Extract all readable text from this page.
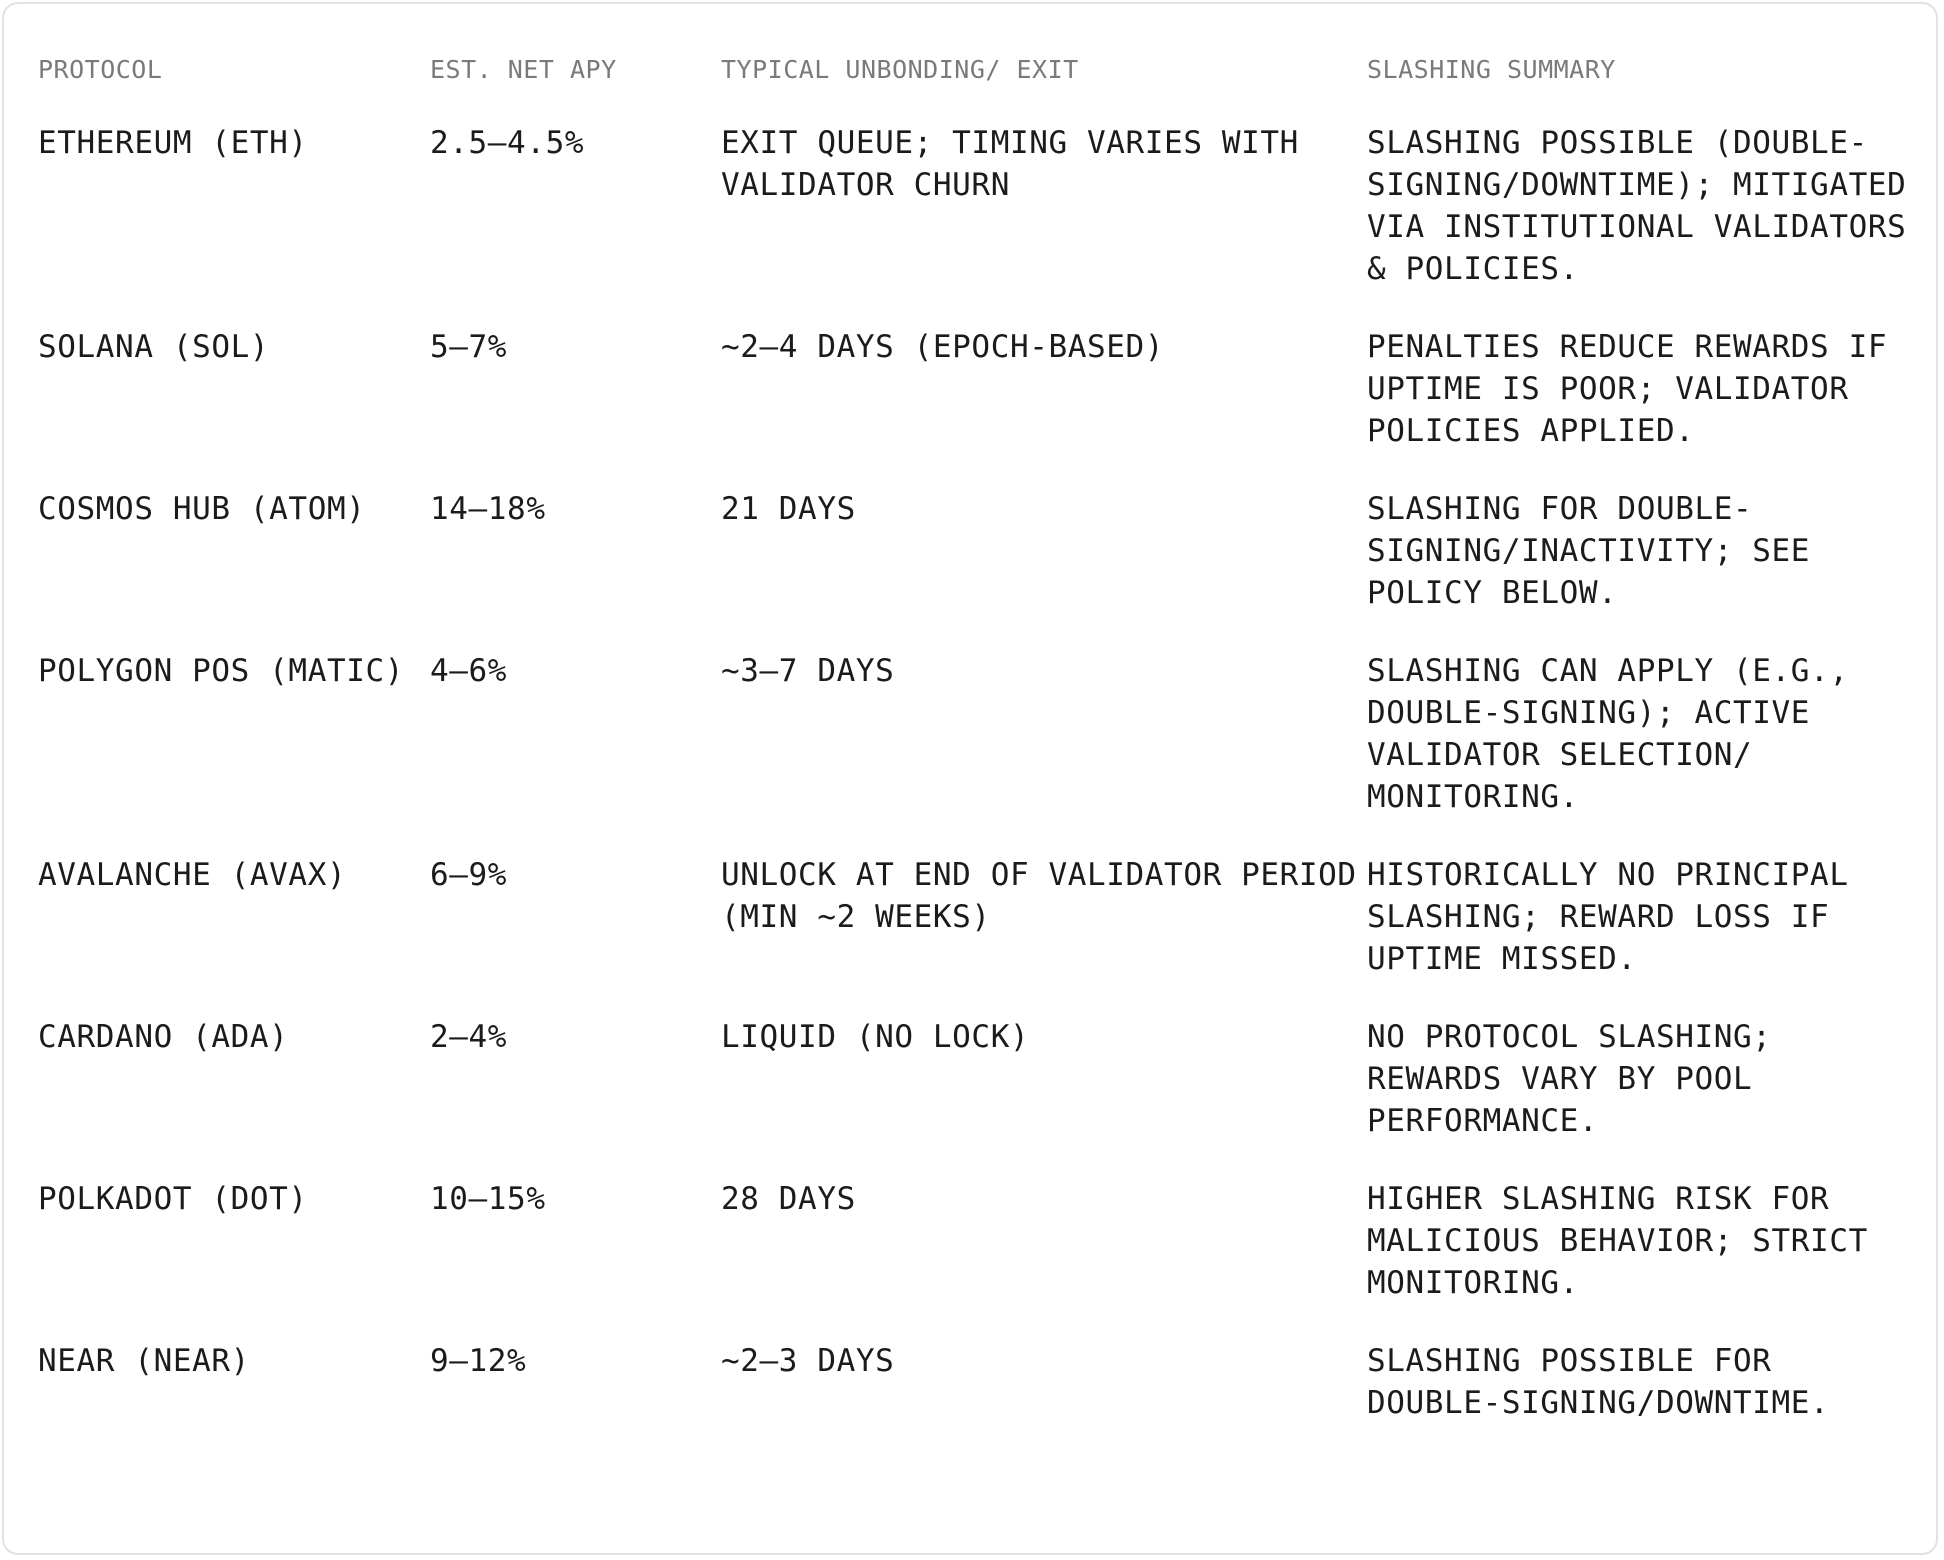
PROTOCOL	EST. NET APY	TYPICAL UNBONDING/ EXIT	SLASHING SUMMARY
ETHEREUM (ETH)	2.5–4.5%	EXIT QUEUE; TIMING VARIES WITH VALIDATOR CHURN	SLASHING POSSIBLE (DOUBLE-SIGNING/DOWNTIME); MITIGATED VIA INSTITUTIONAL VALIDATORS & POLICIES.
SOLANA (SOL)	5–7%	~2–4 DAYS (EPOCH-BASED)	PENALTIES REDUCE REWARDS IF UPTIME IS POOR; VALIDATOR POLICIES APPLIED.
COSMOS HUB (ATOM)	14–18%	21 DAYS	SLASHING FOR DOUBLE-SIGNING/INACTIVITY; SEE POLICY BELOW.
POLYGON POS (MATIC)	4–6%	~3–7 DAYS	SLASHING CAN APPLY (E.G., DOUBLE-SIGNING); ACTIVE VALIDATOR SELECTION/ MONITORING.
AVALANCHE (AVAX)	6–9%	UNLOCK AT END OF VALIDATOR PERIOD (MIN ~2 WEEKS)	HISTORICALLY NO PRINCIPAL SLASHING; REWARD LOSS IF UPTIME MISSED.
CARDANO (ADA)	2–4%	LIQUID (NO LOCK)	NO PROTOCOL SLASHING; REWARDS VARY BY POOL PERFORMANCE.
POLKADOT (DOT)	10–15%	28 DAYS	HIGHER SLASHING RISK FOR MALICIOUS BEHAVIOR; STRICT MONITORING.
NEAR (NEAR)	9–12%	~2–3 DAYS	SLASHING POSSIBLE FOR DOUBLE-SIGNING/DOWNTIME.
